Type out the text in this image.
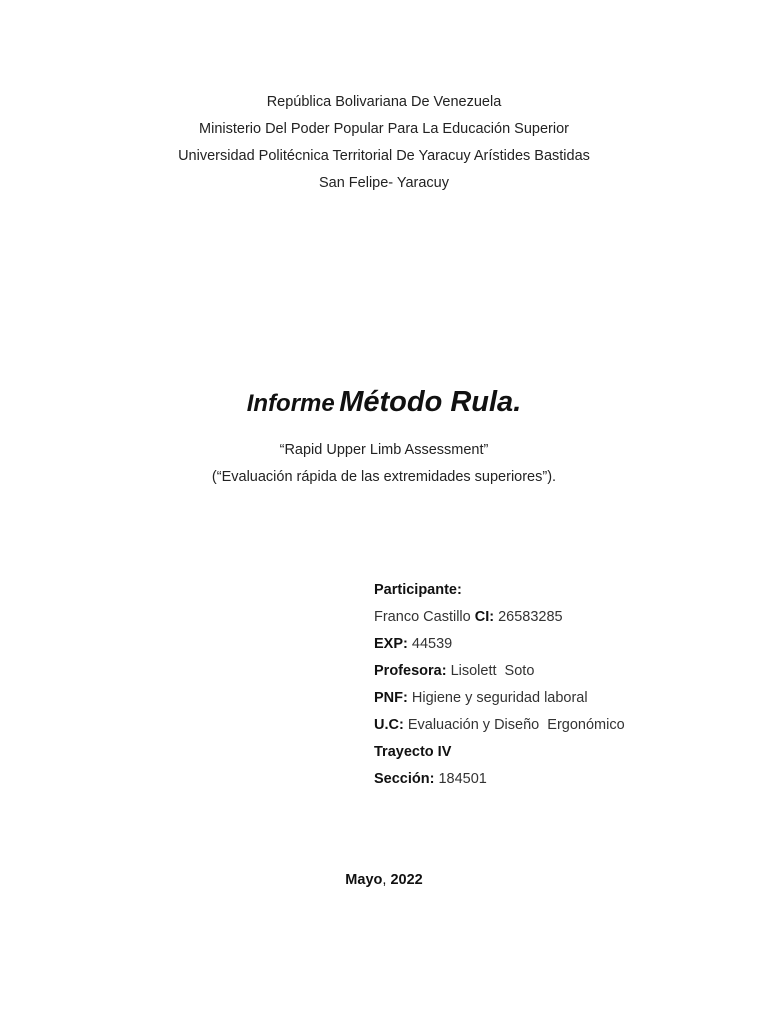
República Bolivariana De Venezuela
Ministerio Del Poder Popular Para La Educación Superior
Universidad Politécnica Territorial De Yaracuy Arístides Bastidas
San Felipe- Yaracuy
Informe Método Rula.
“Rapid Upper Limb Assessment”
(“Evaluación rápida de las extremidades superiores”).
Participante:
Franco Castillo CI: 26583285
EXP: 44539
Profesora: Lisolett  Soto
PNF: Higiene y seguridad laboral
U.C: Evaluación y Diseño  Ergonómico
Trayecto IV
Sección: 184501
Mayo, 2022
